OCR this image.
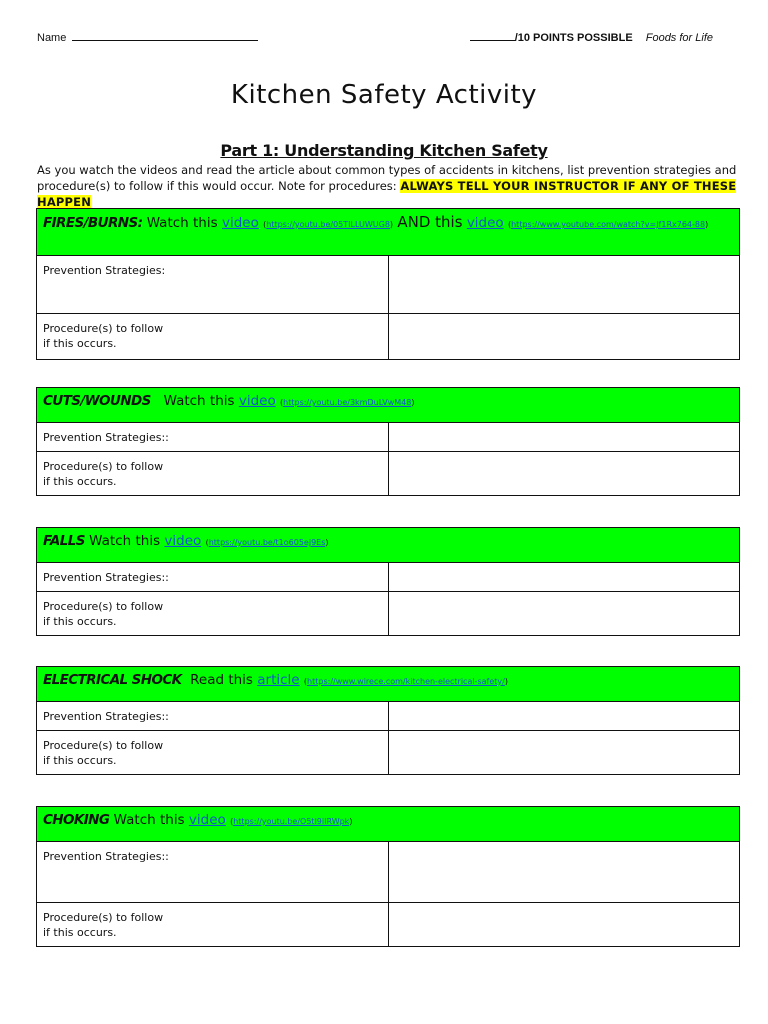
Name	/10 POINTS POSSIBLE Foods for Life
Kitchen Safety Activity
Part 1: Understanding Kitchen Safety
As you watch the videos and read the article about common types of accidents in kitchens, list prevention strategies and procedure(s) to follow if this would occur. Note for procedures: ALWAYS TELL YOUR INSTRUCTOR IF ANY OF THESE HAPPEN
FIRES/BURNS: Watch this video (https://youtu.be/05TILLUWUG8) AND this video (https://www.youtube.com/watch?v=Jf1Rx764-88)	
Prevention Strategies:	
Procedure(s) to follow
if this occurs.	
CUTS/WOUNDS Watch this video (https://youtu.be/3kmDuLVwM48)	
Prevention Strategies::	
Procedure(s) to follow
if this occurs.	
FALLS Watch this video (https://youtu.be/t1o605ej9Es)	
Prevention Strategies::	
Procedure(s) to follow
if this occurs.	
ELECTRICAL SHOCK Read this article (https://www.wirece.com/kitchen-electrical-safety/)	
Prevention Strategies::	
Procedure(s) to follow
if this occurs.	
CHOKING Watch this video (https://youtu.be/O5tl9iIRWpk)	
Prevention Strategies::	
Procedure(s) to follow
if this occurs.	
